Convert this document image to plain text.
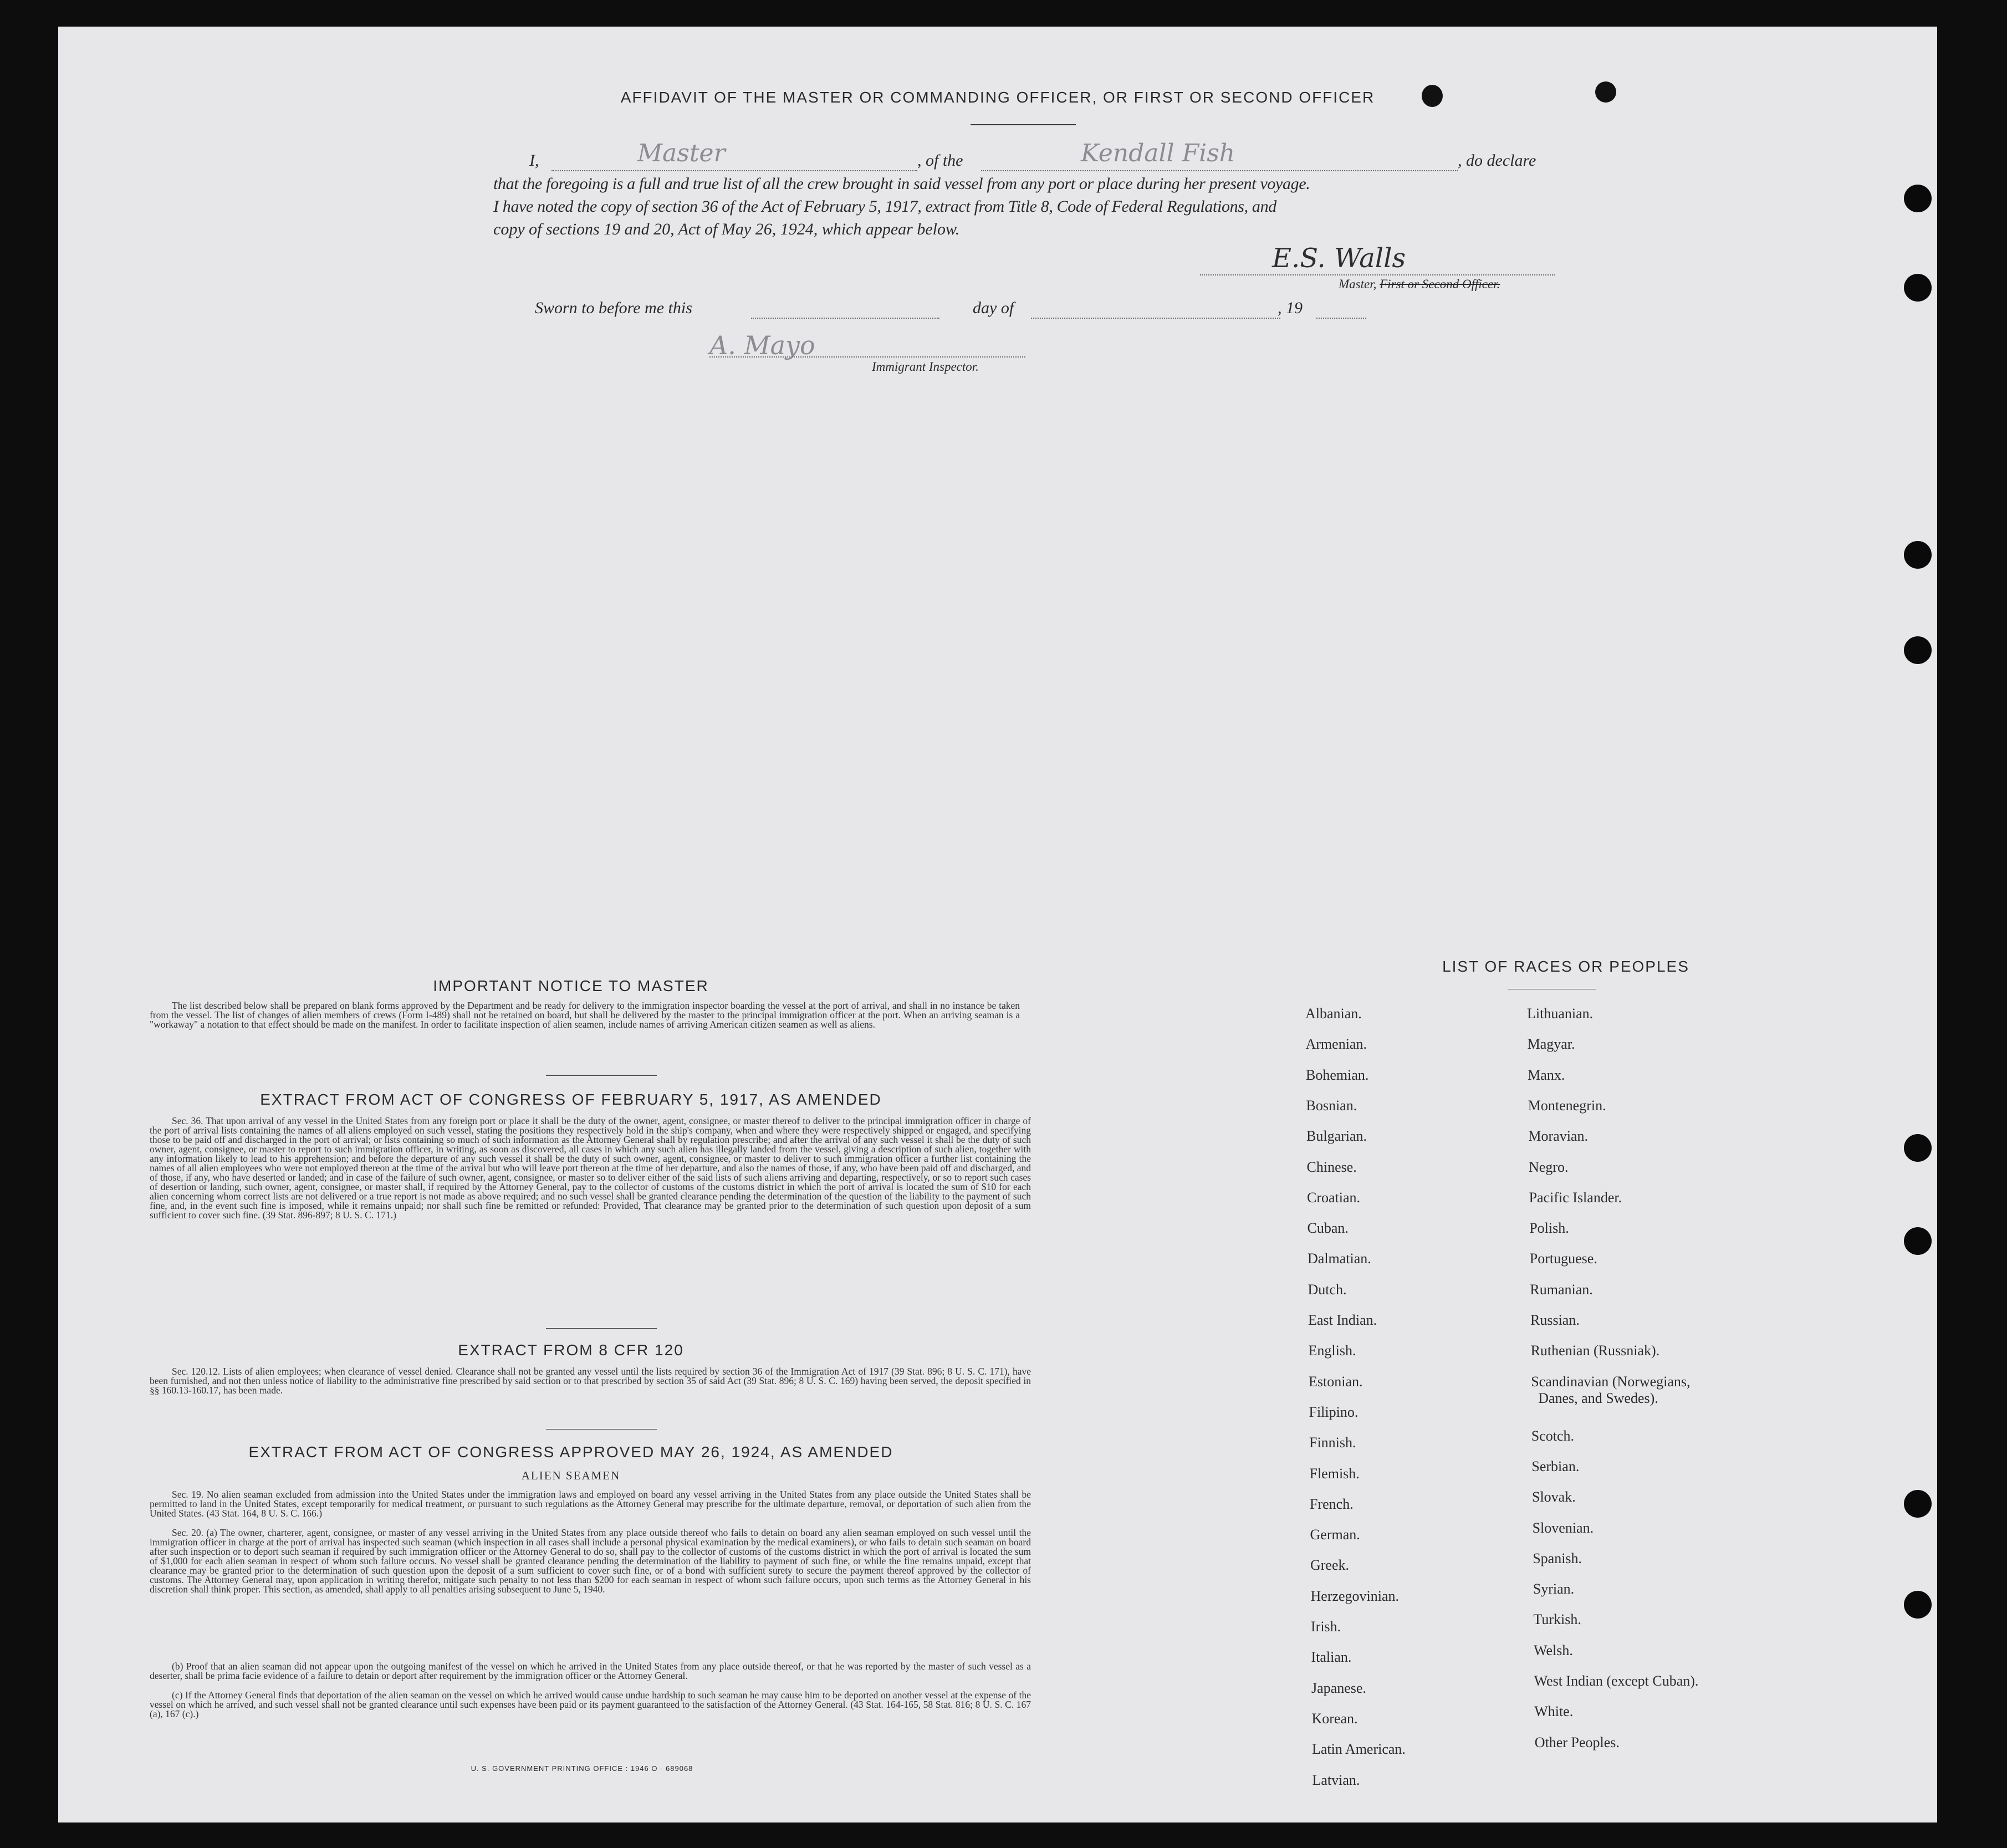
AFFIDAVIT OF THE MASTER OR COMMANDING OFFICER, OR FIRST OR SECOND OFFICER
I,	Master	, of the	Kendall Fish	, do declare
that the foregoing is a full and true list of all the crew brought in said vessel from any port or place during her present voyage.
I have noted the copy of section 36 of the Act of February 5, 1917, extract from Title 8, Code of Federal Regulations, and
copy of sections 19 and 20, Act of May 26, 1924, which appear below.
E.S. Walls
Master, First or Second Officer.
Sworn to before me this	day of	, 19
A. Mayo
Immigrant Inspector.
IMPORTANT NOTICE TO MASTER
The list described below shall be prepared on blank forms approved by the Department and be ready for delivery to the immigration inspector boarding the vessel at the port of arrival, and shall in no instance be taken from the vessel. The list of changes of alien members of crews (Form I-489) shall not be retained on board, but shall be delivered by the master to the principal immigration officer at the port. When an arriving seaman is a "workaway" a notation to that effect should be made on the manifest. In order to facilitate inspection of alien seamen, include names of arriving American citizen seamen as well as aliens.
EXTRACT FROM ACT OF CONGRESS OF FEBRUARY 5, 1917, AS AMENDED
Sec. 36. That upon arrival of any vessel in the United States from any foreign port or place it shall be the duty of the owner, agent, consignee, or master thereof to deliver to the principal immigration officer in charge of the port of arrival lists containing the names of all aliens employed on such vessel, stating the positions they respectively hold in the ship's company, when and where they were respectively shipped or engaged, and specifying those to be paid off and discharged in the port of arrival; or lists containing so much of such information as the Attorney General shall by regulation prescribe; and after the arrival of any such vessel it shall be the duty of such owner, agent, consignee, or master to report to such immigration officer, in writing, as soon as discovered, all cases in which any such alien has illegally landed from the vessel, giving a description of such alien, together with any information likely to lead to his apprehension; and before the departure of any such vessel it shall be the duty of such owner, agent, consignee, or master to deliver to such immigration officer a further list containing the names of all alien employees who were not employed thereon at the time of the arrival but who will leave port thereon at the time of her departure, and also the names of those, if any, who have been paid off and discharged, and of those, if any, who have deserted or landed; and in case of the failure of such owner, agent, consignee, or master so to deliver either of the said lists of such aliens arriving and departing, respectively, or so to report such cases of desertion or landing, such owner, agent, consignee, or master shall, if required by the Attorney General, pay to the collector of customs of the customs district in which the port of arrival is located the sum of $10 for each alien concerning whom correct lists are not delivered or a true report is not made as above required; and no such vessel shall be granted clearance pending the determination of the question of the liability to the payment of such fine, and, in the event such fine is imposed, while it remains unpaid; nor shall such fine be remitted or refunded: Provided, That clearance may be granted prior to the determination of such question upon deposit of a sum sufficient to cover such fine. (39 Stat. 896-897; 8 U. S. C. 171.)
EXTRACT FROM 8 CFR 120
Sec. 120.12. Lists of alien employees; when clearance of vessel denied. Clearance shall not be granted any vessel until the lists required by section 36 of the Immigration Act of 1917 (39 Stat. 896; 8 U. S. C. 171), have been furnished, and not then unless notice of liability to the administrative fine prescribed by said section or to that prescribed by section 35 of said Act (39 Stat. 896; 8 U. S. C. 169) having been served, the deposit specified in §§ 160.13-160.17, has been made.
EXTRACT FROM ACT OF CONGRESS APPROVED MAY 26, 1924, AS AMENDED
ALIEN SEAMEN
Sec. 19. No alien seaman excluded from admission into the United States under the immigration laws and employed on board any vessel arriving in the United States from any place outside the United States shall be permitted to land in the United States, except temporarily for medical treatment, or pursuant to such regulations as the Attorney General may prescribe for the ultimate departure, removal, or deportation of such alien from the United States. (43 Stat. 164, 8 U. S. C. 166.)
Sec. 20. (a) The owner, charterer, agent, consignee, or master of any vessel arriving in the United States from any place outside thereof who fails to detain on board any alien seaman employed on such vessel until the immigration officer in charge at the port of arrival has inspected such seaman (which inspection in all cases shall include a personal physical examination by the medical examiners), or who fails to detain such seaman on board after such inspection or to deport such seaman if required by such immigration officer or the Attorney General to do so, shall pay to the collector of customs of the customs district in which the port of arrival is located the sum of $1,000 for each alien seaman in respect of whom such failure occurs. No vessel shall be granted clearance pending the determination of the liability to payment of such fine, or while the fine remains unpaid, except that clearance may be granted prior to the determination of such question upon the deposit of a sum sufficient to cover such fine, or of a bond with sufficient surety to secure the payment thereof approved by the collector of customs. The Attorney General may, upon application in writing therefor, mitigate such penalty to not less than $200 for each seaman in respect of whom such failure occurs, upon such terms as the Attorney General in his discretion shall think proper. This section, as amended, shall apply to all penalties arising subsequent to June 5, 1940.
(b) Proof that an alien seaman did not appear upon the outgoing manifest of the vessel on which he arrived in the United States from any place outside thereof, or that he was reported by the master of such vessel as a deserter, shall be prima facie evidence of a failure to detain or deport after requirement by the immigration officer or the Attorney General.
(c) If the Attorney General finds that deportation of the alien seaman on the vessel on which he arrived would cause undue hardship to such seaman he may cause him to be deported on another vessel at the expense of the vessel on which he arrived, and such vessel shall not be granted clearance until such expenses have been paid or its payment guaranteed to the satisfaction of the Attorney General. (43 Stat. 164-165, 58 Stat. 816; 8 U. S. C. 167 (a), 167 (c).)
U. S. GOVERNMENT PRINTING OFFICE : 1946 O - 689068
LIST OF RACES OR PEOPLES
Albanian.
Armenian.
Bohemian.
Bosnian.
Bulgarian.
Chinese.
Croatian.
Cuban.
Dalmatian.
Dutch.
East Indian.
English.
Estonian.
Filipino.
Finnish.
Flemish.
French.
German.
Greek.
Herzegovinian.
Irish.
Italian.
Japanese.
Korean.
Latin American.
Latvian.
Lithuanian.
Magyar.
Manx.
Montenegrin.
Moravian.
Negro.
Pacific Islander.
Polish.
Portuguese.
Rumanian.
Russian.
Ruthenian (Russniak).
Scandinavian (Norwegians,
Danes, and Swedes).
Scotch.
Serbian.
Slovak.
Slovenian.
Spanish.
Syrian.
Turkish.
Welsh.
West Indian (except Cuban).
White.
Other Peoples.
